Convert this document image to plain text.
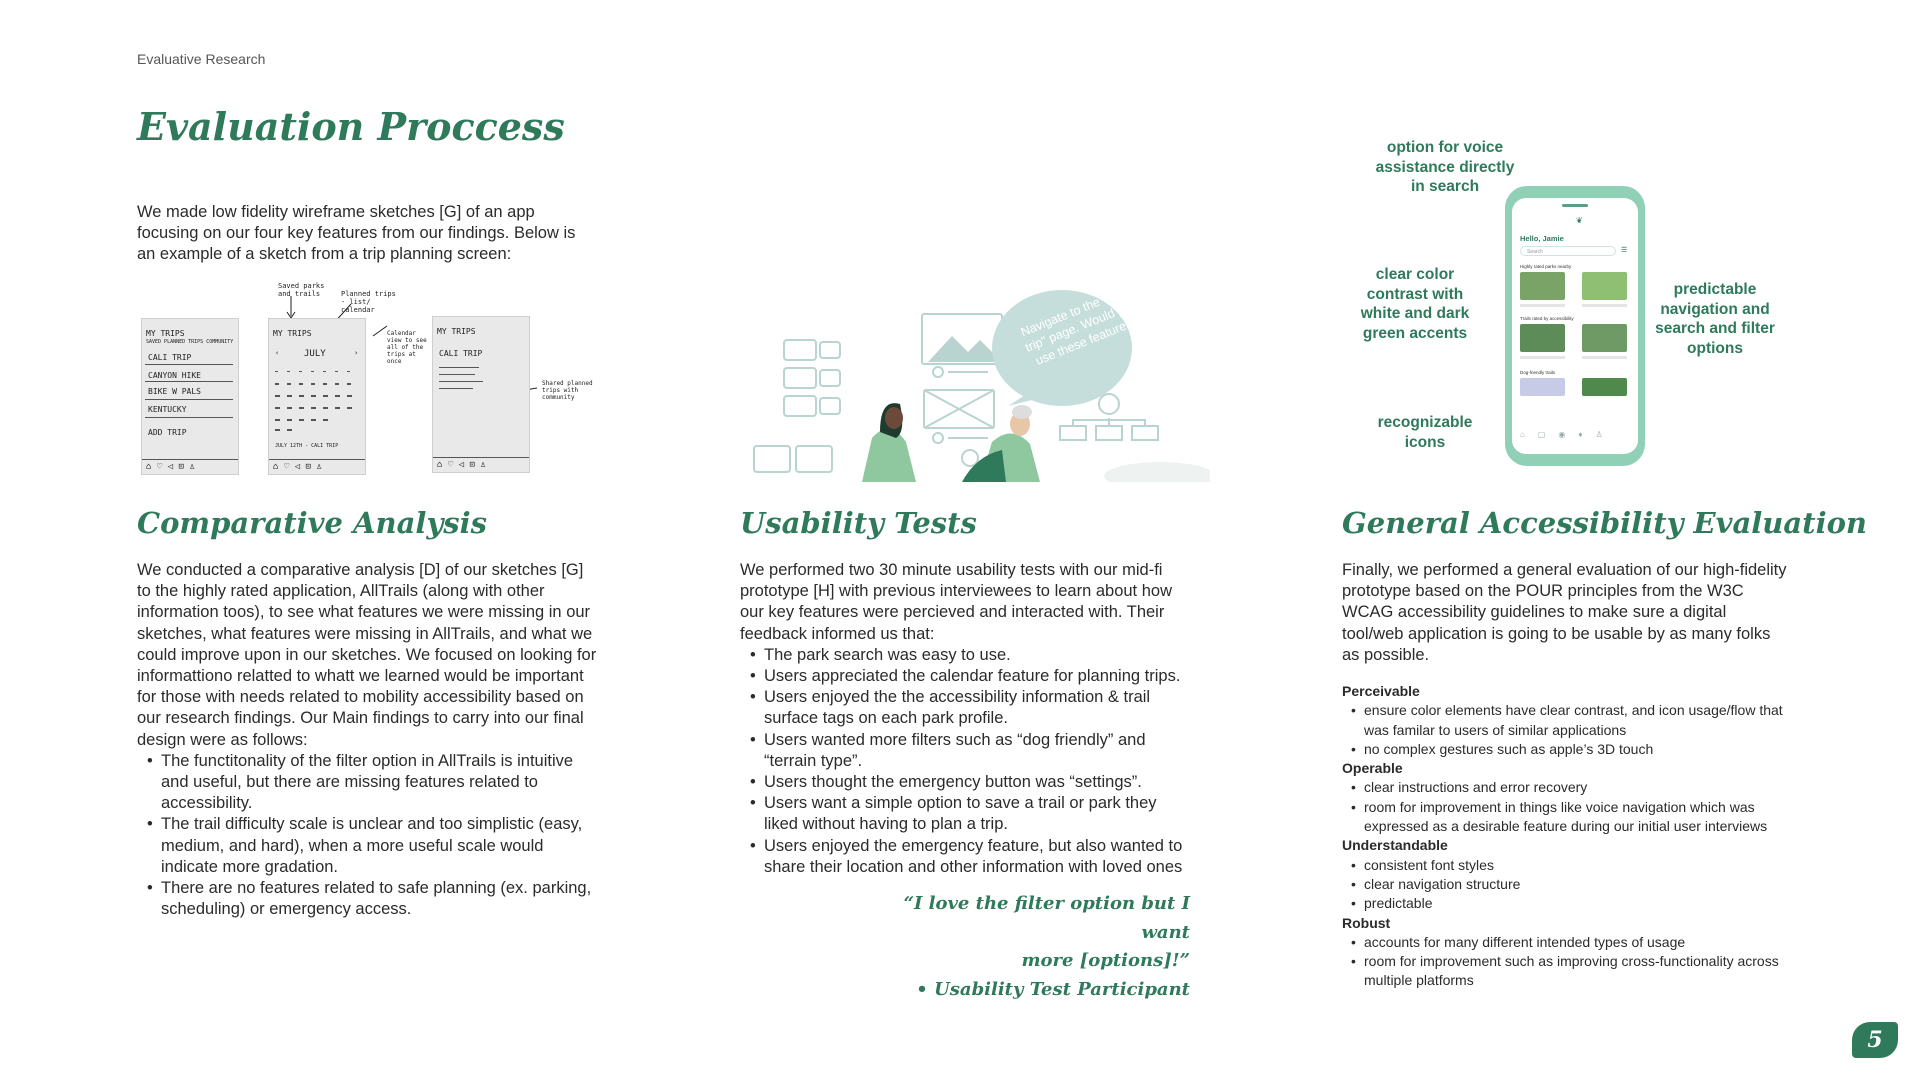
Evaluative Research
Evaluation Proccess
We made low fidelity wireframe sketches [G] of an app focusing on our four key features from our findings. Below is an example of a sketch from a trip planning screen:
Saved parks and trails	Planned trips - list/ calendar
Calendar view to see all of the trips at once
Shared planned trips with community
MY TRIPS
SAVED PLANNED TRIPS COMMUNITY
CALI TRIP
CANYON HIKE
BIKE W PALS
KENTUCKY
ADD TRIP
⌂ ♡ ◁ ⊡ ♙
MY TRIPS
‹	JULY	›
JULY 12TH - CALI TRIP
⌂ ♡ ◁ ⊡ ♙
MY TRIPS
CALI TRIP
⌂ ♡ ◁ ⊡ ♙
Navigate to the "plan trip" page. Would you use these features?
❦
Hello, Jamie
Search	☰
Highly rated parks nearby
Trails rated by accessibility
Dog-friendly trails
⌂▢◉♦♙
option for voice assistance directly in search
clear color contrast with white and dark green accents
recognizable icons
predictable navigation and search and filter options
Comparative Analysis
We conducted a comparative analysis [D] of our sketches [G] to the highly rated application, AllTrails (along with other information toos), to see what features we were missing in our sketches, what features were missing in AllTrails, and what we could improve upon in our sketches. We focused on looking for informattiono relatted to whatt we learned would be important for those with needs related to mobility accessibility based on our research findings. Our Main findings to carry into our final design were as follows:
• The functitonality of the filter option in AllTrails is intuitive and useful, but there are missing features related to accessibility.
• The trail difficulty scale is unclear and too simplistic (easy, medium, and hard), when a more useful scale would indicate more gradation.
• There are no features related to safe planning (ex. parking, scheduling) or emergency access.
Usability Tests
We performed two 30 minute usability tests with our mid-fi prototype [H] with previous interviewees to learn about how our key features were percieved and interacted with. Their feedback informed us that:
• The park search was easy to use.
• Users appreciated the calendar feature for planning trips.
• Users enjoyed the the accessibility information & trail surface tags on each park profile.
• Users wanted more filters such as “dog friendly” and “terrain type”.
• Users thought the emergency button was “settings”.
• Users want a simple option to save a trail or park they liked without having to plan a trip.
• Users enjoyed the emergency feature, but also wanted to share their location and other information with loved ones
“I love the filter option but I want
more [options]!”
• Usability Test Participant
General Accessibility Evaluation
Finally, we performed a general evaluation of our high-fidelity prototype based on the POUR principles from the W3C WCAG accessibility guidelines to make sure a digital tool/web application is going to be usable by as many folks as possible.
Perceivable
• ensure color elements have clear contrast, and icon usage/flow that was familar to users of similar applications
• no complex gestures such as apple’s 3D touch
Operable
• clear instructions and error recovery
• room for improvement in things like voice navigation which was expressed as a desirable feature during our initial user interviews
Understandable
• consistent font styles
• clear navigation structure
• predictable
Robust
• accounts for many different intended types of usage
• room for improvement such as improving cross-functionality across multiple platforms
5
